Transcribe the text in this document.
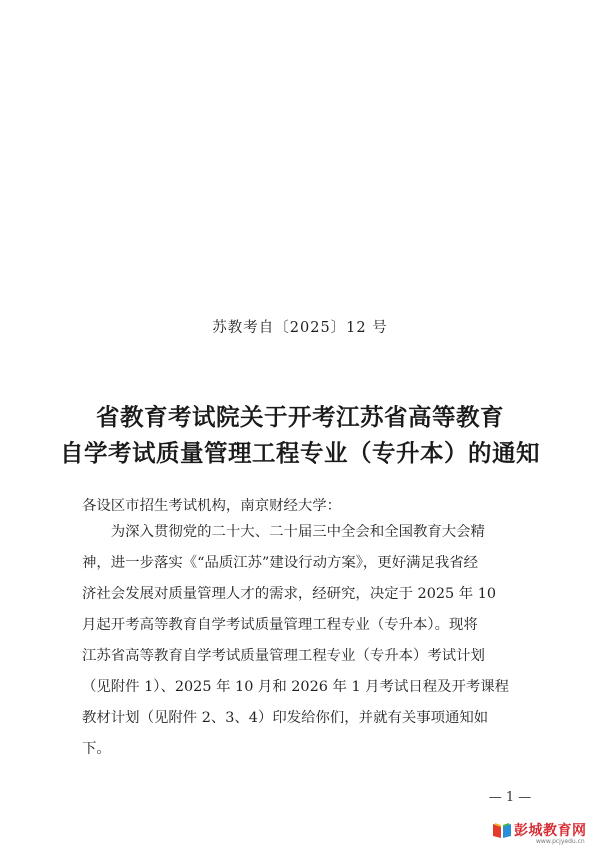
苏教考自〔2025〕12 号
省教育考试院关于开考江苏省高等教育
自学考试质量管理工程专业（专升本）的通知
各设区市招生考试机构，南京财经大学：
　　为深入贯彻党的二十大、二十届三中全会和全国教育大会精
神，进一步落实《“品质江苏”建设行动方案》，更好满足我省经
济社会发展对质量管理人才的需求，经研究，决定于 2025 年 10
月起开考高等教育自学考试质量管理工程专业（专升本）。现将
江苏省高等教育自学考试质量管理工程专业（专升本）考试计划
（见附件 1）、2025 年 10 月和 2026 年 1 月考试日程及开考课程
教材计划（见附件 2、3、4）印发给你们，并就有关事项通知如
下。
— 1 —
彭城教育网
www.pcjyedu.cn
